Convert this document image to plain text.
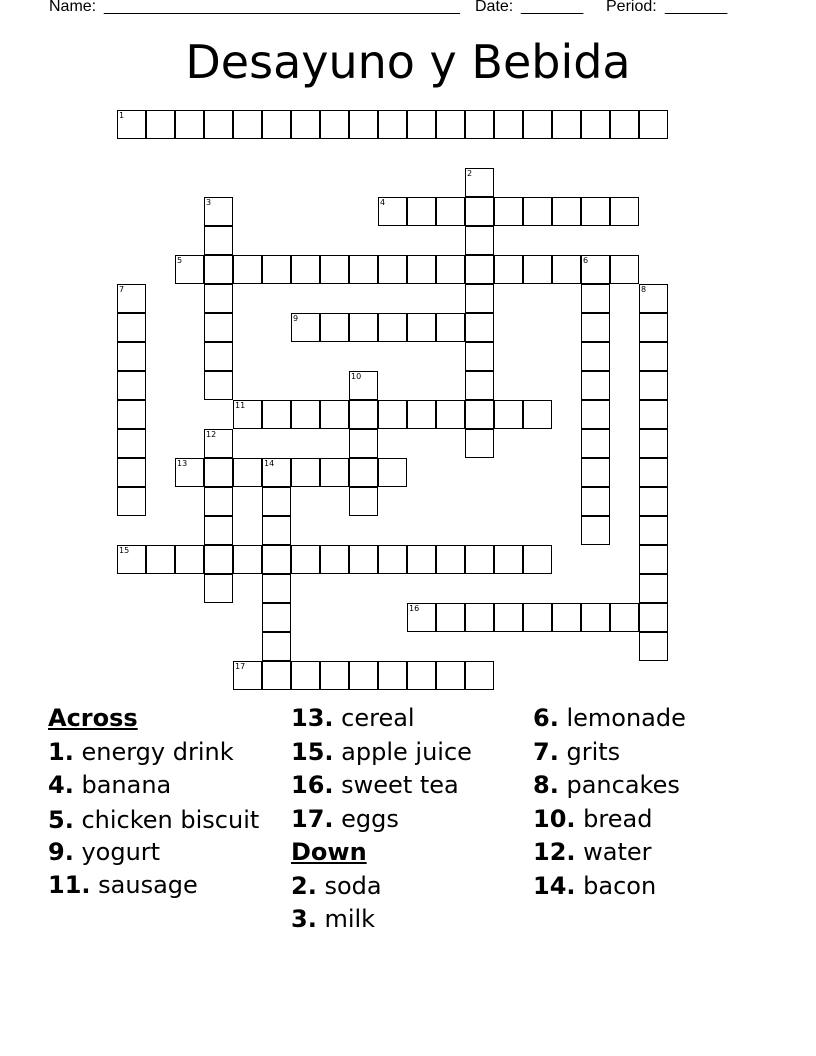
Name: ________________________________________ Date: _______ Period: _______
Desayuno y Bebida
1
2
3	4
5	6
7	8
9
10
11
12
13	14
15
16
17
Across
1. energy drink
4. banana
5. chicken biscuit
9. yogurt
11. sausage
13. cereal
15. apple juice
16. sweet tea
17. eggs
Down
2. soda
3. milk
6. lemonade
7. grits
8. pancakes
10. bread
12. water
14. bacon
